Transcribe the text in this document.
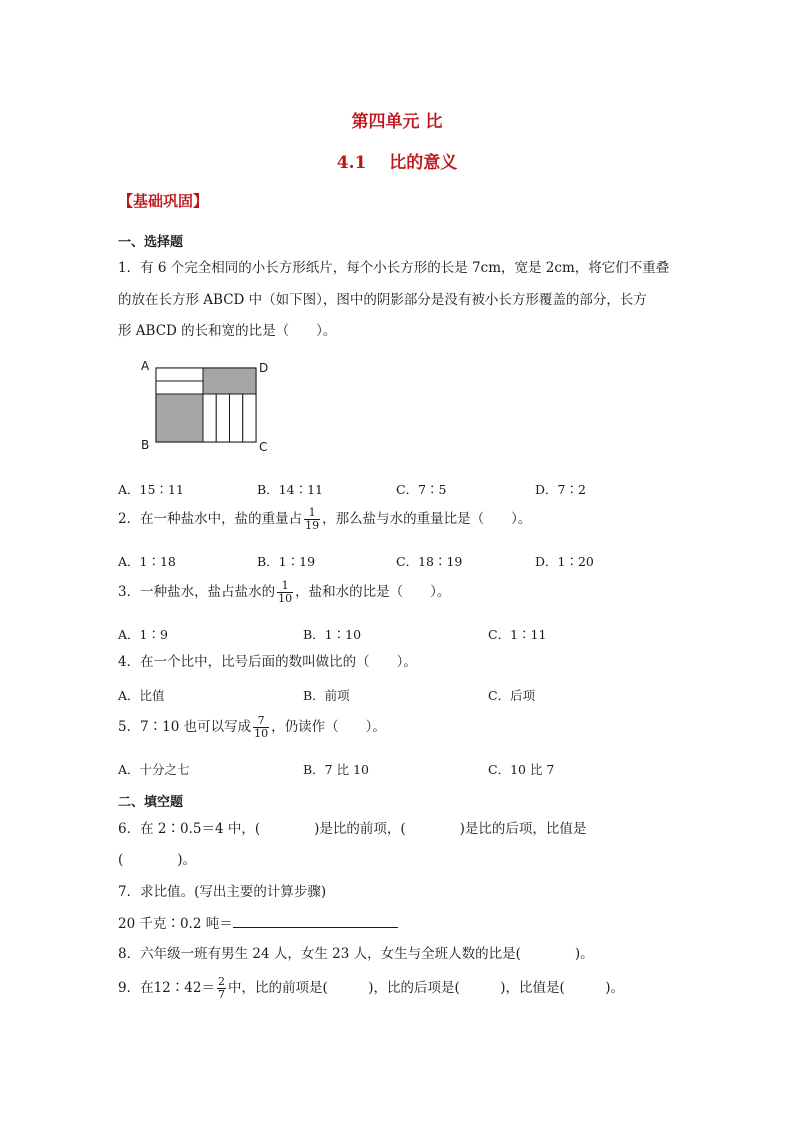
第四单元 比
4.1　 比的意义
【基础巩固】
一、选择题
1．有 6 个完全相同的小长方形纸片，每个小长方形的长是 7cm，宽是 2cm，将它们不重叠
的放在长方形 ABCD 中（如下图），图中的阴影部分是没有被小长方形覆盖的部分，长方
形 ABCD 的长和宽的比是（　　）。
A	D
B	C
A．15∶11	B．14∶11	C．7∶5	D．7∶2
2．在一种盐水中，盐的重量占 $\frac{1}{19}$ ，那么盐与水的重量比是（　　）。
A．1∶18	B．1∶19	C．18∶19	D．1∶20
3．一种盐水，盐占盐水的 $\frac{1}{10}$ ，盐和水的比是（　　）。
A．1∶9	B．1∶10	C．1∶11
4．在一个比中，比号后面的数叫做比的（　　）。
A．比值	B．前项	C．后项
5．7∶10 也可以写成 $\frac{7}{10}$ ，仍读作（　　）。
A．十分之七	B．7 比 10	C．10 比 7
二、填空题
6．在 2∶0.5＝4 中，(　　　　)是比的前项，(　　　　)是比的后项，比值是
(　　　　)。
7．求比值。(写出主要的计算步骤)
20 千克∶0.2 吨＝
8．六年级一班有男生 24 人，女生 23 人，女生与全班人数的比是(　　　　)。
9．在12∶42＝ $\frac{2}{7}$ 中，比的前项是(　　　)，比的后项是(　　　)，比值是(　　　)。
